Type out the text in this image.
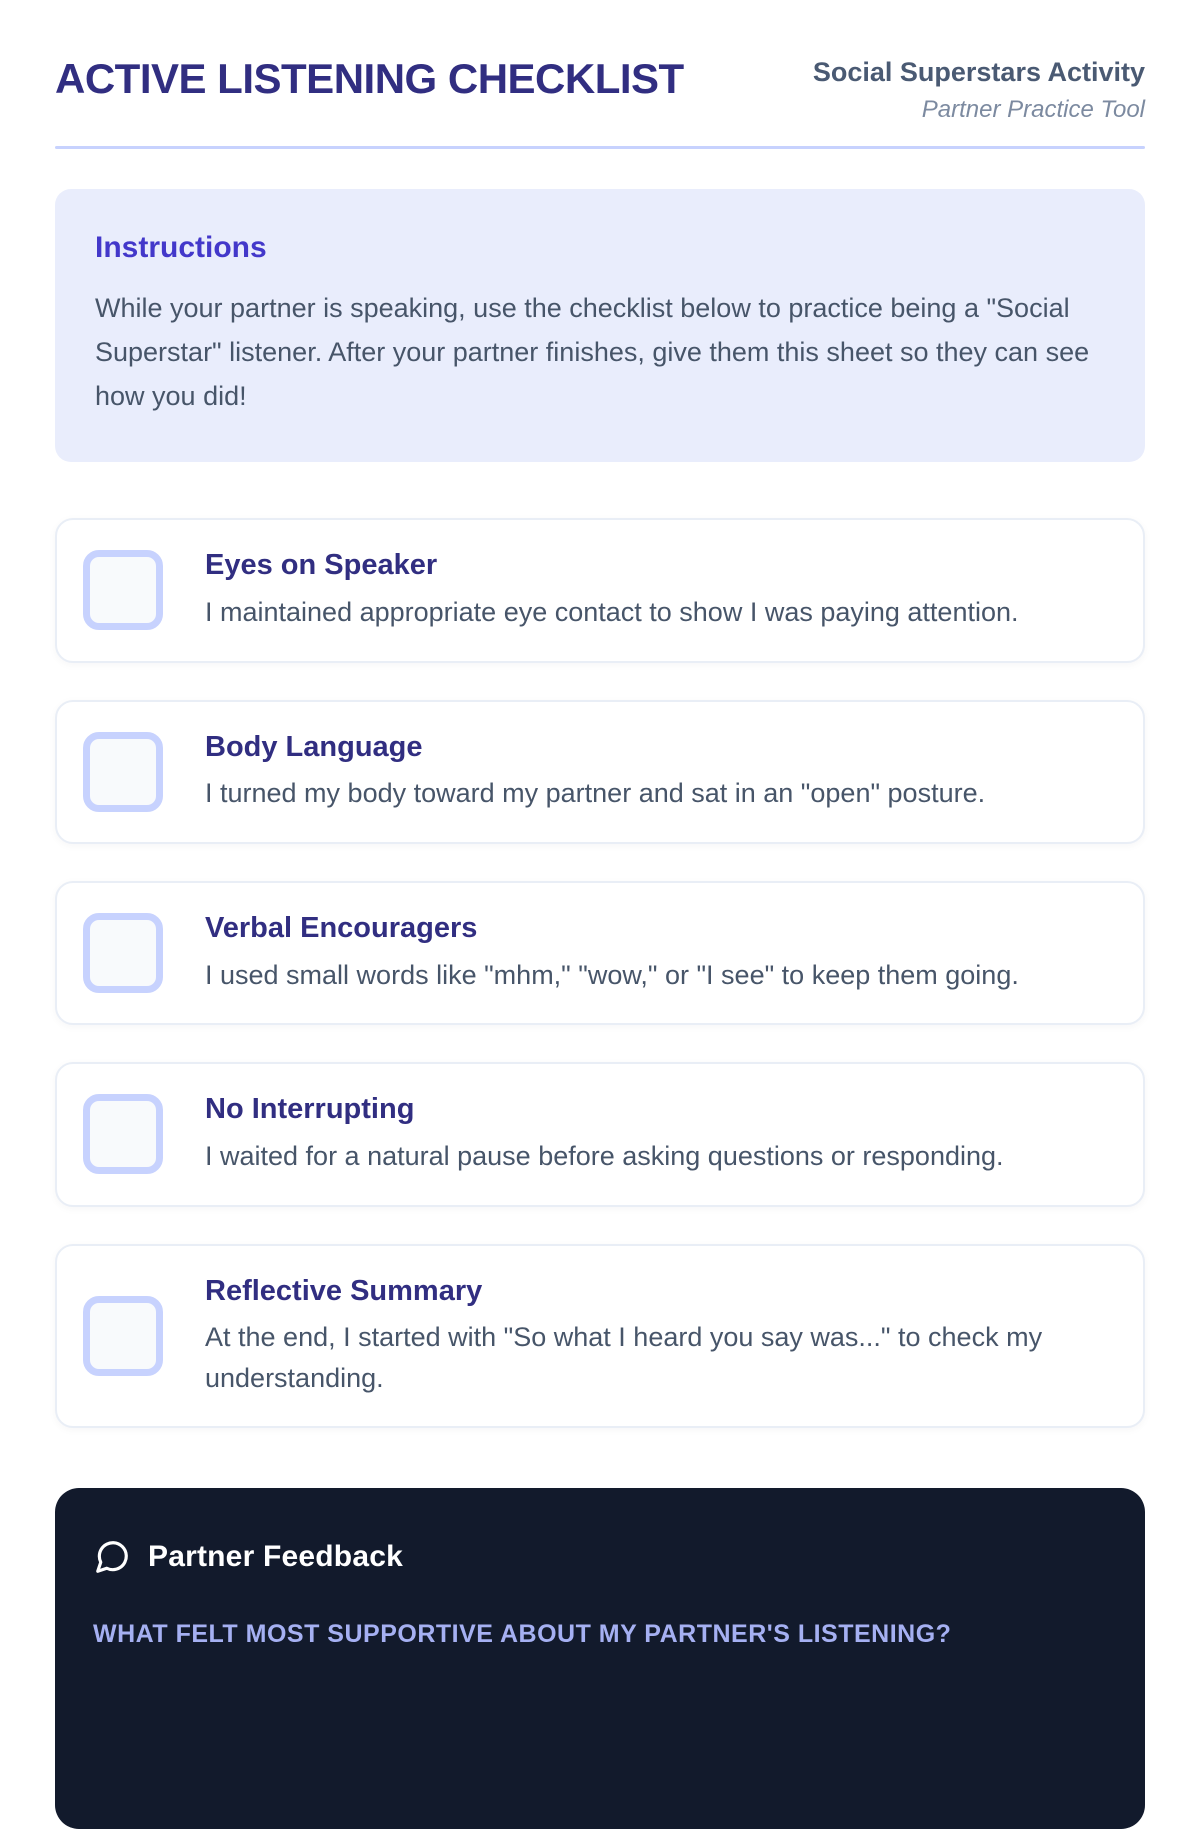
ACTIVE LISTENING CHECKLIST	Social Superstars Activity
Partner Practice Tool
Instructions

While your partner is speaking, use the checklist below to practice being a "Social Superstar" listener. After your partner finishes, give them this sheet so they can see how you did!

Eyes on Speaker
I maintained appropriate eye contact to show I was paying attention.
Body Language
I turned my body toward my partner and sat in an "open" posture.
Verbal Encouragers
I used small words like "mhm," "wow," or "I see" to keep them going.
No Interrupting
I waited for a natural pause before asking questions or responding.
Reflective Summary
At the end, I started with "So what I heard you say was..." to check my understanding.
Partner Feedback
WHAT FELT MOST SUPPORTIVE ABOUT MY PARTNER'S LISTENING?
